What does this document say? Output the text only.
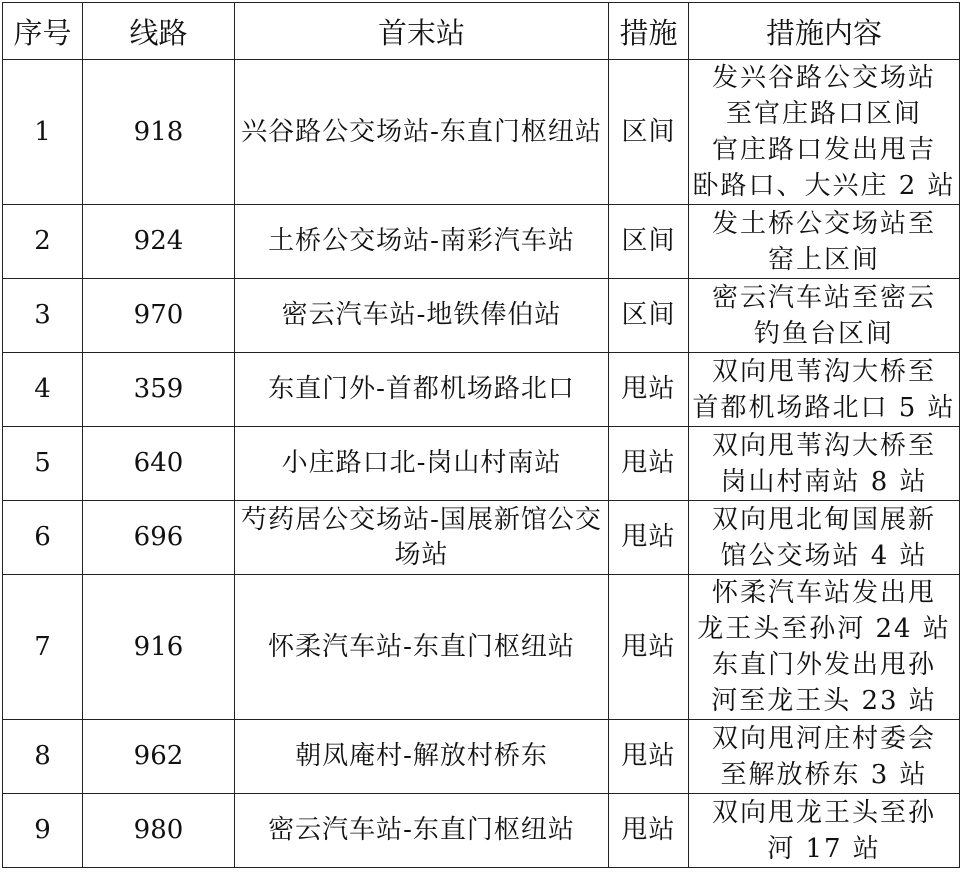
序号	线路	首末站	措施	措施内容
1	918	兴谷路公交场站-东直门枢纽站	区间	发兴谷路公交场站
至官庄路口区间
官庄路口发出甩吉
卧路口、大兴庄 2 站
2	924	土桥公交场站-南彩汽车站	区间	发土桥公交场站至
窑上区间
3	970	密云汽车站-地铁俸伯站	区间	密云汽车站至密云
钓鱼台区间
4	359	东直门外-首都机场路北口	甩站	双向甩苇沟大桥至
首都机场路北口 5 站
5	640	小庄路口北-岗山村南站	甩站	双向甩苇沟大桥至
岗山村南站 8 站
6	696	芍药居公交场站-国展新馆公交场站	甩站	双向甩北甸国展新
馆公交场站 4 站
7	916	怀柔汽车站-东直门枢纽站	甩站	怀柔汽车站发出甩
龙王头至孙河 24 站
东直门外发出甩孙
河至龙王头 23 站
8	962	朝凤庵村-解放村桥东	甩站	双向甩河庄村委会
至解放桥东 3 站
9	980	密云汽车站-东直门枢纽站	甩站	双向甩龙王头至孙
河 17 站
